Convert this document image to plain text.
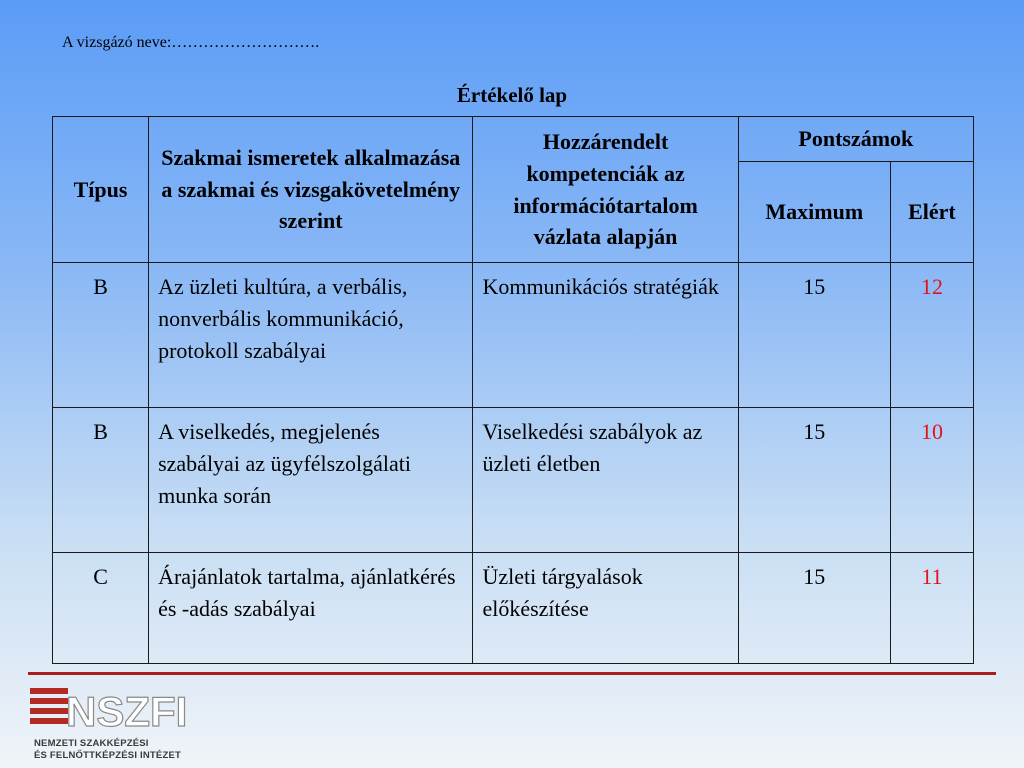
A vizsgázó neve:……………………….
Értékelő lap
Típus	Szakmai ismeretek alkalmazása a szakmai és vizsgakövetelmény szerint	Hozzárendelt kompetenciák az információtartalom vázlata alapján	Pontszámok	
			Maximum	Elért
B	Az üzleti kultúra, a verbális, nonverbális kommunikáció, protokoll szabályai	Kommunikációs stratégiák	15	12
B	A viselkedés, megjelenés szabályai az ügyfélszolgálati munka során	Viselkedési szabályok az üzleti életben	15	10
C	Árajánlatok tartalma, ajánlatkérés és -adás szabályai	Üzleti tárgyalások előkészítése	15	11
NSZFI
NEMZETI SZAKKÉPZÉSI
ÉS FELNŐTTKÉPZÉSI INTÉZET
